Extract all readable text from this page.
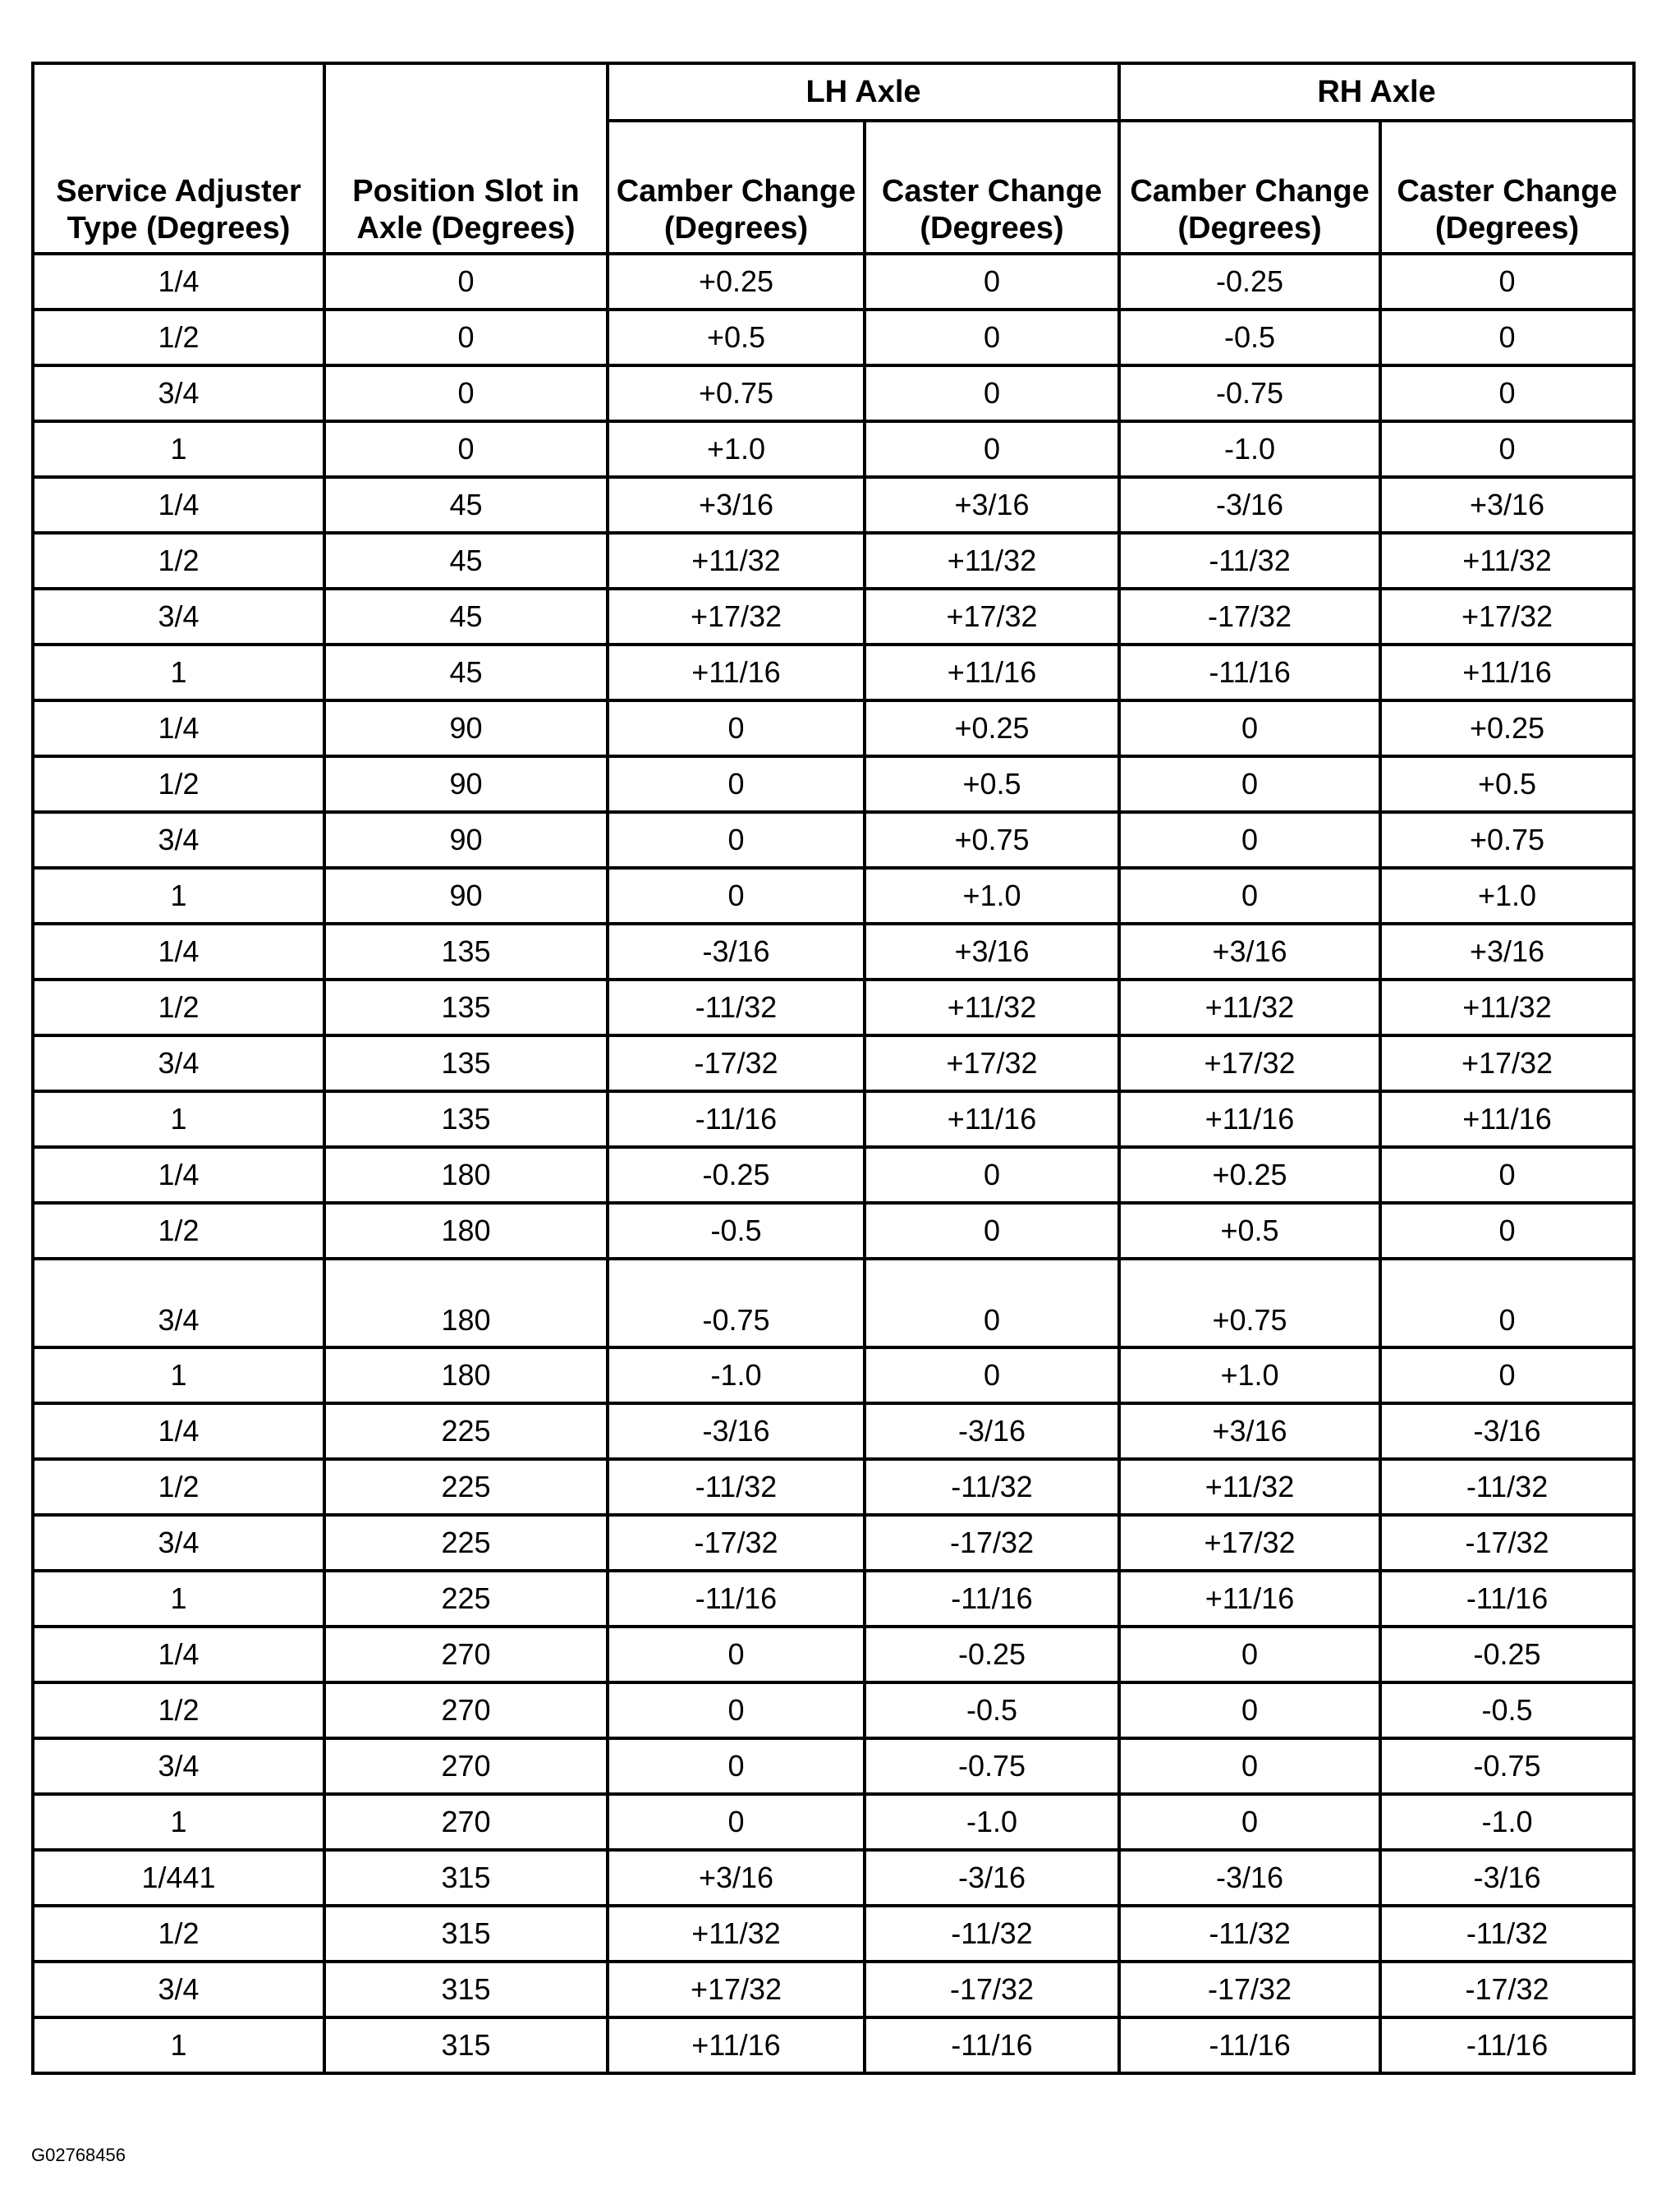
Service Adjuster Type (Degrees)	Position Slot in Axle (Degrees)	LH Axle		RH Axle	
		Camber Change (Degrees)	Caster Change (Degrees)	Camber Change (Degrees)	Caster Change (Degrees)
1/4	0	+0.25	0	-0.25	0
1/2	0	+0.5	0	-0.5	0
3/4	0	+0.75	0	-0.75	0
1	0	+1.0	0	-1.0	0
1/4	45	+3/16	+3/16	-3/16	+3/16
1/2	45	+11/32	+11/32	-11/32	+11/32
3/4	45	+17/32	+17/32	-17/32	+17/32
1	45	+11/16	+11/16	-11/16	+11/16
1/4	90	0	+0.25	0	+0.25
1/2	90	0	+0.5	0	+0.5
3/4	90	0	+0.75	0	+0.75
1	90	0	+1.0	0	+1.0
1/4	135	-3/16	+3/16	+3/16	+3/16
1/2	135	-11/32	+11/32	+11/32	+11/32
3/4	135	-17/32	+17/32	+17/32	+17/32
1	135	-11/16	+11/16	+11/16	+11/16
1/4	180	-0.25	0	+0.25	0
1/2	180	-0.5	0	+0.5	0
3/4	180	-0.75	0	+0.75	0
1	180	-1.0	0	+1.0	0
1/4	225	-3/16	-3/16	+3/16	-3/16
1/2	225	-11/32	-11/32	+11/32	-11/32
3/4	225	-17/32	-17/32	+17/32	-17/32
1	225	-11/16	-11/16	+11/16	-11/16
1/4	270	0	-0.25	0	-0.25
1/2	270	0	-0.5	0	-0.5
3/4	270	0	-0.75	0	-0.75
1	270	0	-1.0	0	-1.0
1/441	315	+3/16	-3/16	-3/16	-3/16
1/2	315	+11/32	-11/32	-11/32	-11/32
3/4	315	+17/32	-17/32	-17/32	-17/32
1	315	+11/16	-11/16	-11/16	-11/16
G02768456
